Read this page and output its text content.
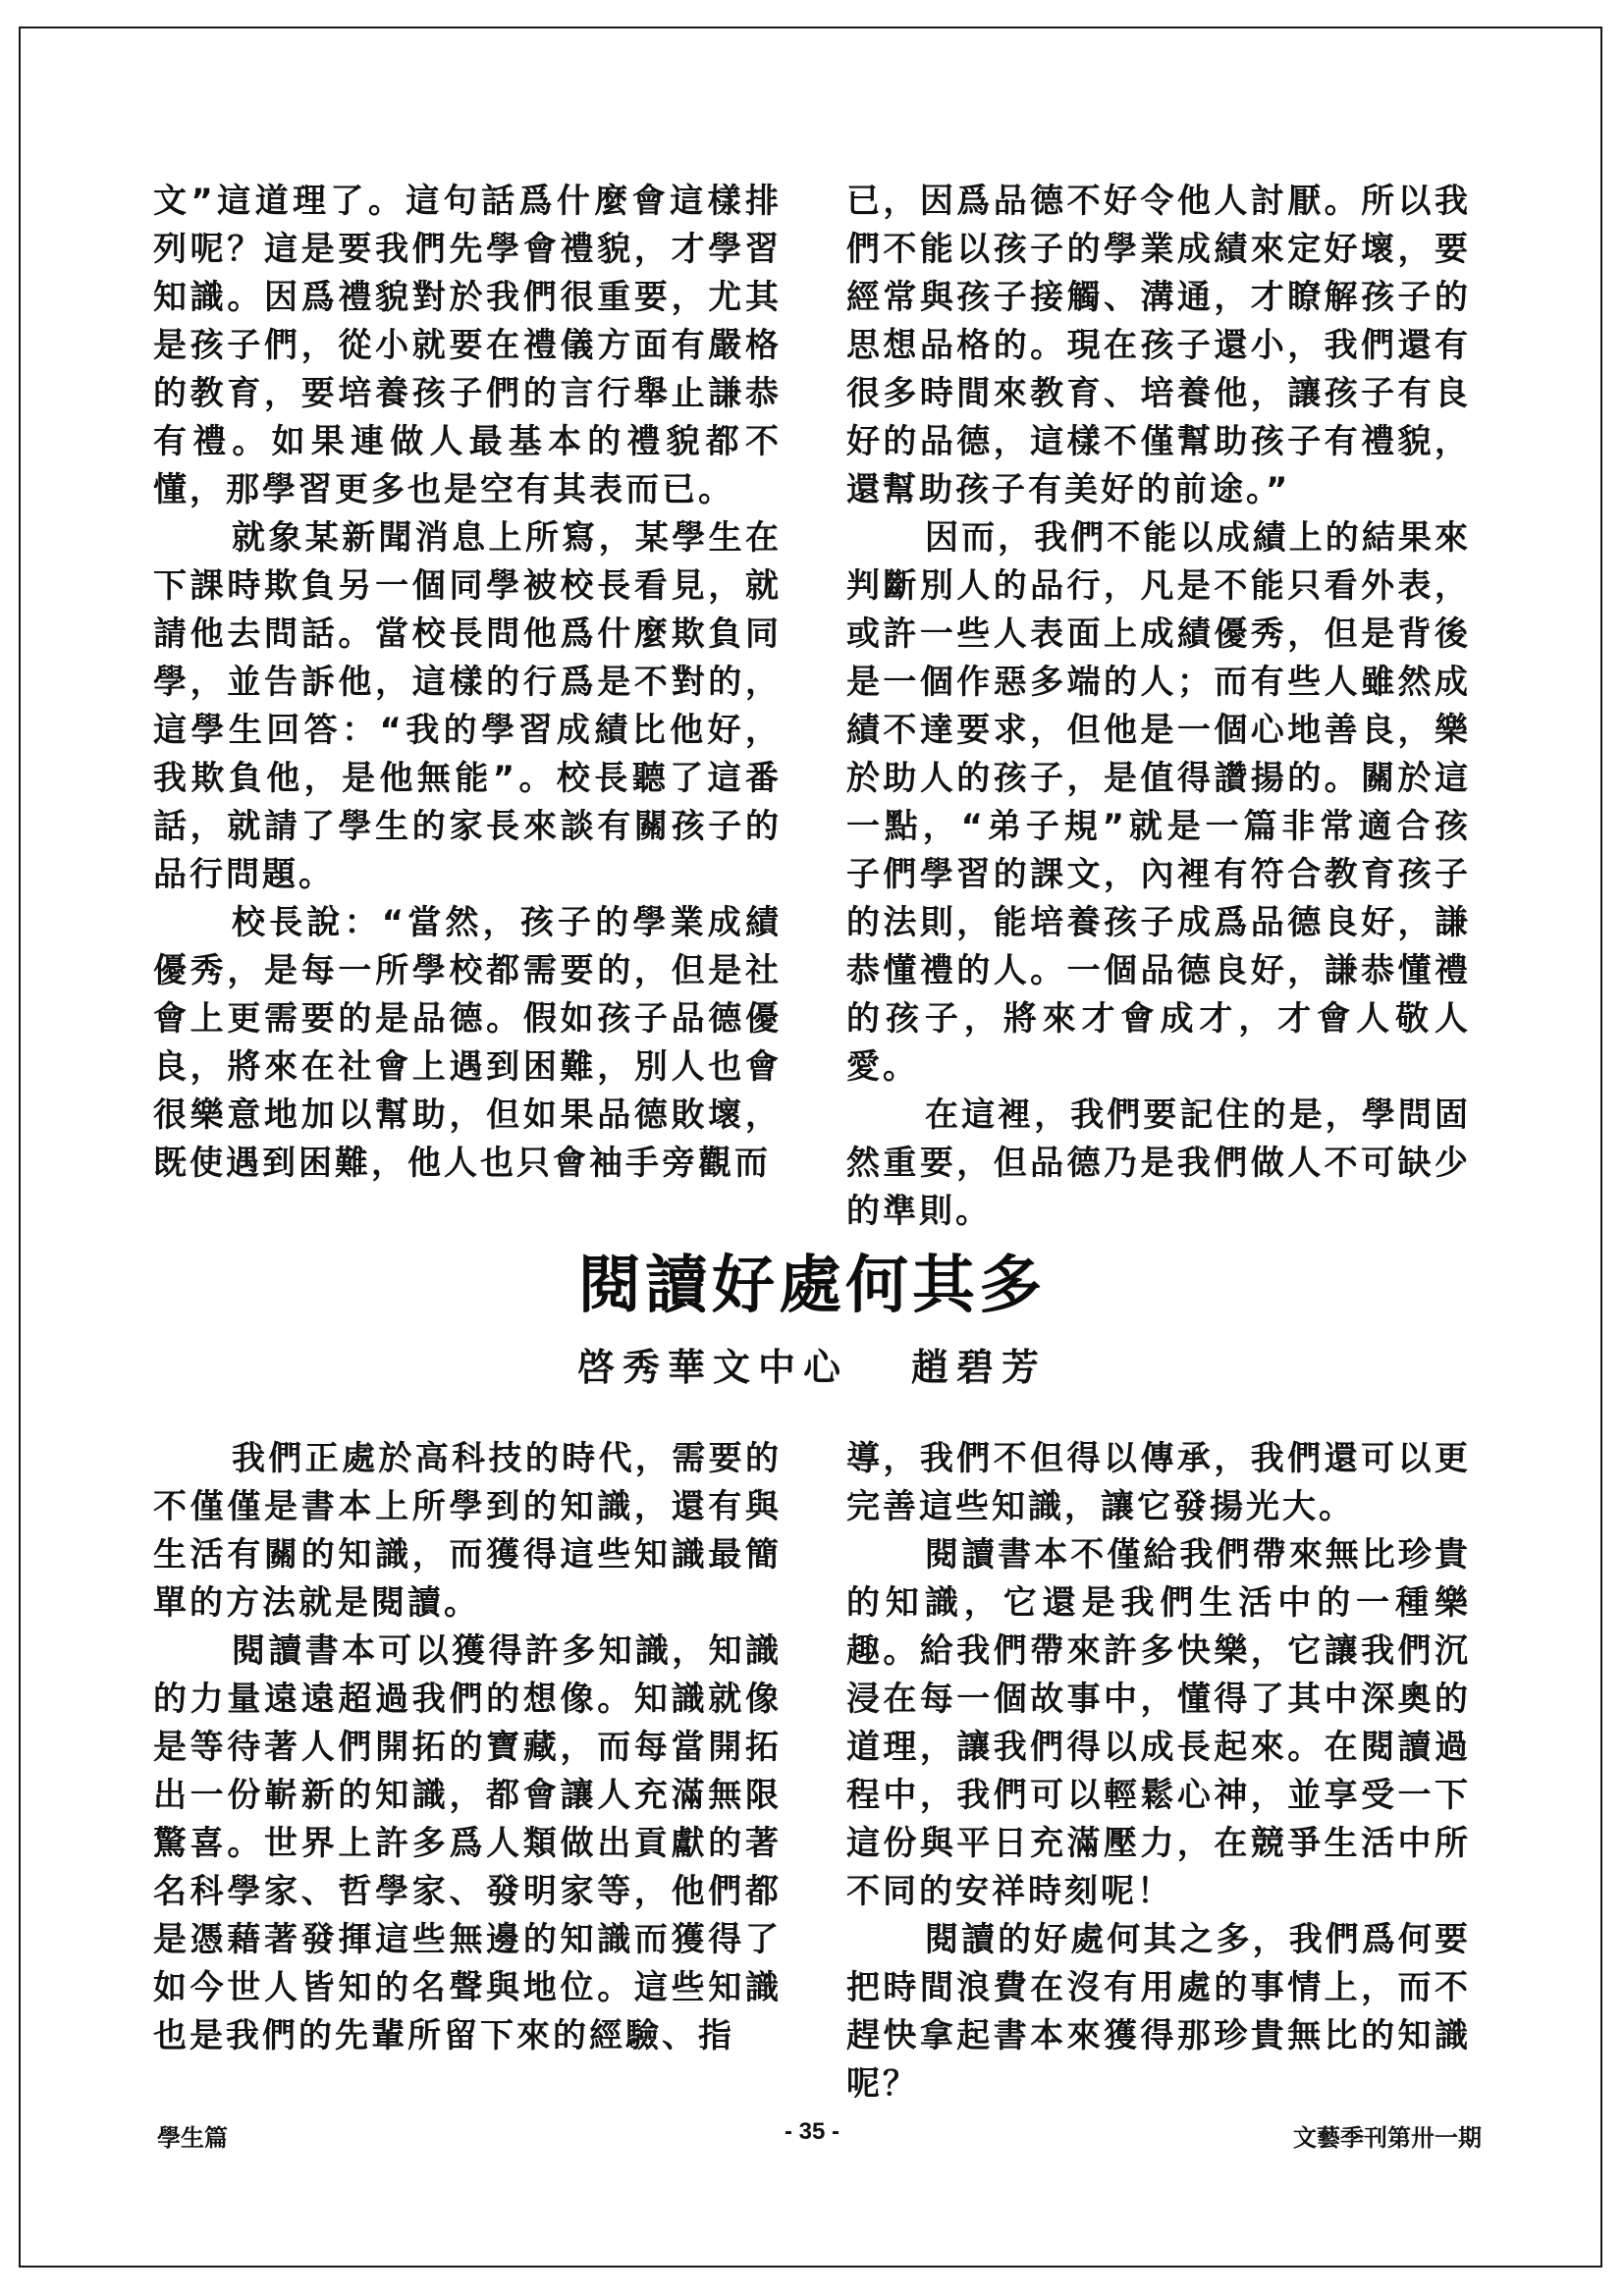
文”這道理了。這句話爲什麼會這樣排列呢？這是要我們先學會禮貌，才學習知識。因爲禮貌對於我們很重要，尤其是孩子們，從小就要在禮儀方面有嚴格的教育，要培養孩子們的言行舉止謙恭有禮。如果連做人最基本的禮貌都不懂，那學習更多也是空有其表而已。

就象某新聞消息上所寫，某學生在下課時欺負另一個同學被校長看見，就請他去問話。當校長問他爲什麼欺負同學，並告訴他，這樣的行爲是不對的，這學生回答：“我的學習成績比他好，我欺負他，是他無能”。校長聽了這番話，就請了學生的家長來談有關孩子的品行問題。

校長說：“當然，孩子的學業成績優秀，是每一所學校都需要的，但是社會上更需要的是品德。假如孩子品德優良，將來在社會上遇到困難，別人也會很樂意地加以幫助，但如果品德敗壞，既使遇到困難，他人也只會袖手旁觀而

已，因爲品德不好令他人討厭。所以我們不能以孩子的學業成績來定好壞，要經常與孩子接觸、溝通，才瞭解孩子的思想品格的。現在孩子還小，我們還有很多時間來教育、培養他，讓孩子有良好的品德，這樣不僅幫助孩子有禮貌，還幫助孩子有美好的前途。”

因而，我們不能以成績上的結果來判斷別人的品行，凡是不能只看外表，或許一些人表面上成績優秀，但是背後是一個作惡多端的人；而有些人雖然成績不達要求，但他是一個心地善良，樂於助人的孩子，是值得讚揚的。關於這一點，“弟子規”就是一篇非常適合孩子們學習的課文，內裡有符合教育孩子的法則，能培養孩子成爲品德良好，謙恭懂禮的人。一個品德良好，謙恭懂禮的孩子，將來才會成才，才會人敬人愛。

在這裡，我們要記住的是，學問固然重要，但品德乃是我們做人不可缺少的準則。

閱讀好處何其多
啓秀華文中心 趙碧芳

我們正處於高科技的時代，需要的不僅僅是書本上所學到的知識，還有與生活有關的知識，而獲得這些知識最簡單的方法就是閱讀。

閱讀書本可以獲得許多知識，知識的力量遠遠超過我們的想像。知識就像是等待著人們開拓的寶藏，而每當開拓出一份嶄新的知識，都會讓人充滿無限驚喜。世界上許多爲人類做出貢獻的著名科學家、哲學家、發明家等，他們都是憑藉著發揮這些無邊的知識而獲得了如今世人皆知的名聲與地位。這些知識也是我們的先輩所留下來的經驗、指

導，我們不但得以傳承，我們還可以更完善這些知識，讓它發揚光大。

閱讀書本不僅給我們帶來無比珍貴的知識，它還是我們生活中的一種樂趣。給我們帶來許多快樂，它讓我們沉浸在每一個故事中，懂得了其中深奧的道理，讓我們得以成長起來。在閱讀過程中，我們可以輕鬆心神，並享受一下這份與平日充滿壓力，在競爭生活中所不同的安祥時刻呢！

閱讀的好處何其之多，我們爲何要把時間浪費在沒有用處的事情上，而不趕快拿起書本來獲得那珍貴無比的知識呢？

學生篇	- 35 -	文藝季刊第卅一期
